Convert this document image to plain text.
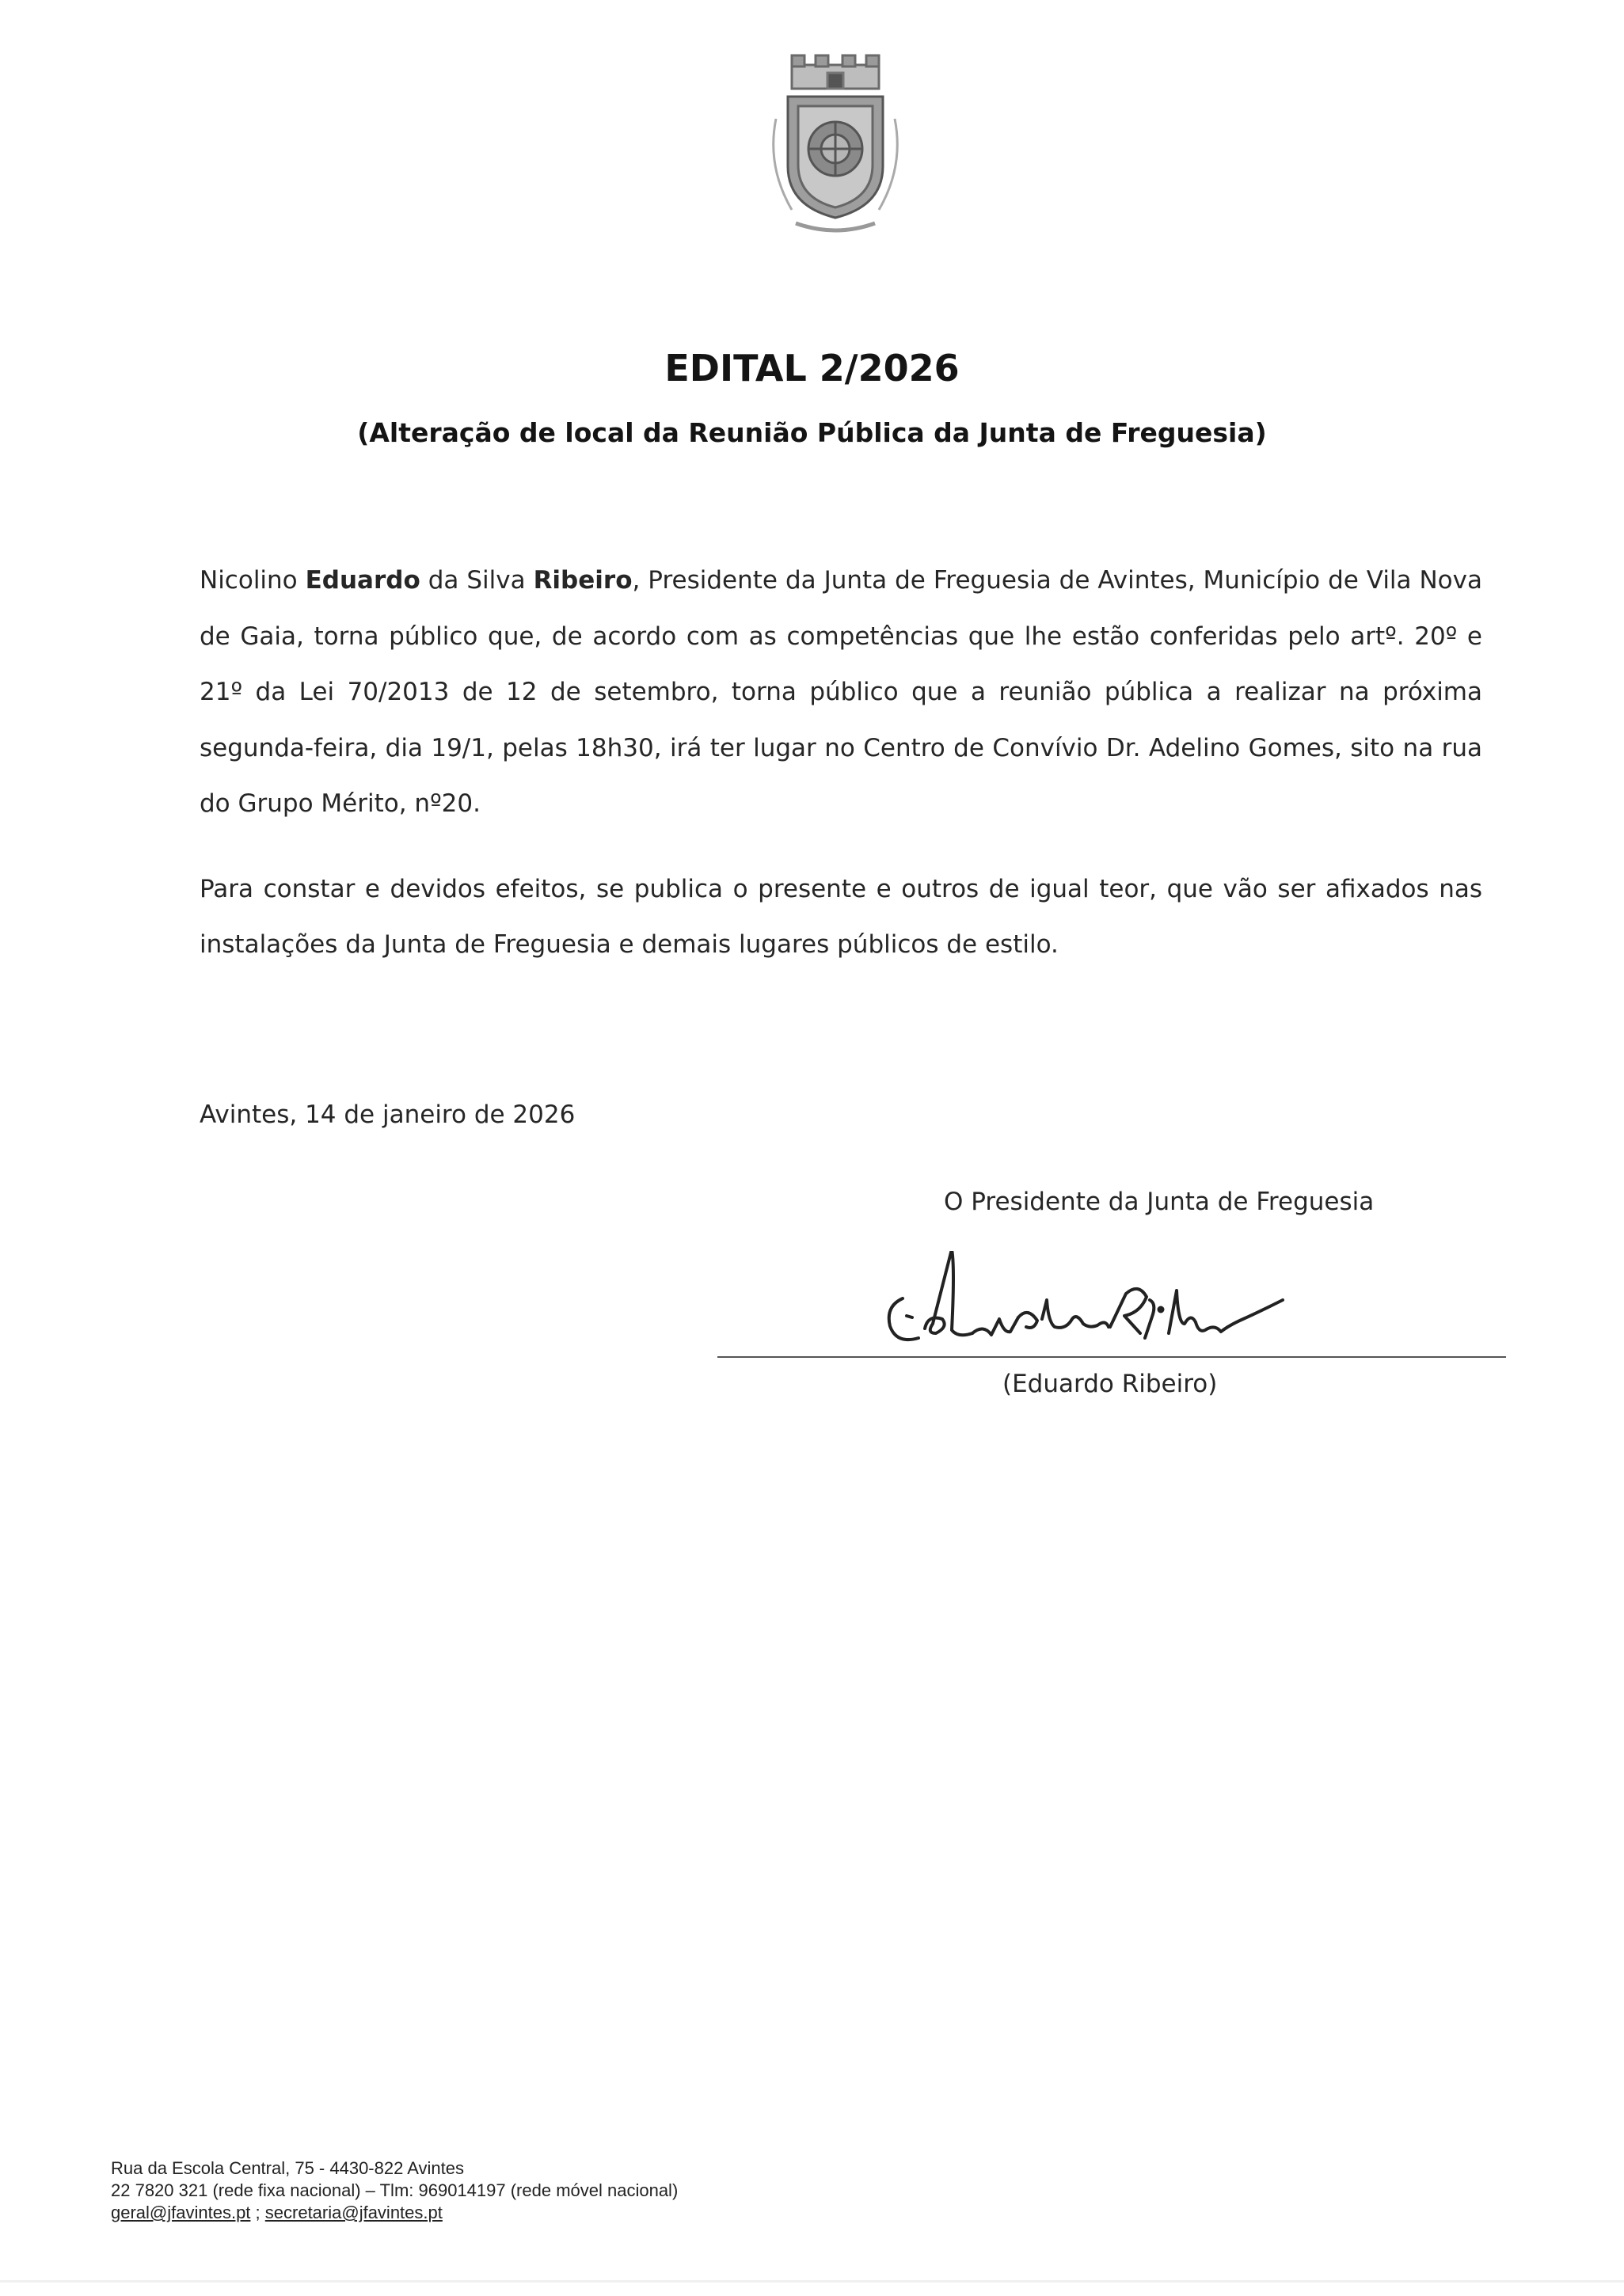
EDITAL 2/2026
(Alteração de local da Reunião Pública da Junta de Freguesia)
Nicolino Eduardo da Silva Ribeiro, Presidente da Junta de Freguesia de Avintes, Município de Vila Nova de Gaia, torna público que, de acordo com as competências que lhe estão conferidas pelo artº. 20º e 21º da Lei 70/2013 de 12 de setembro, torna público que a reunião pública a realizar na próxima segunda-feira, dia 19/1, pelas 18h30, irá ter lugar no Centro de Convívio Dr. Adelino Gomes, sito na rua do Grupo Mérito, nº20.
Para constar e devidos efeitos, se publica o presente e outros de igual teor, que vão ser afixados nas instalações da Junta de Freguesia e demais lugares públicos de estilo.
Avintes, 14 de janeiro de 2026
O Presidente da Junta de Freguesia
(Eduardo Ribeiro)
Rua da Escola Central, 75 - 4430-822 Avintes
22 7820 321 (rede fixa nacional) – Tlm: 969014197 (rede móvel nacional)
geral@jfavintes.pt ; secretaria@jfavintes.pt
